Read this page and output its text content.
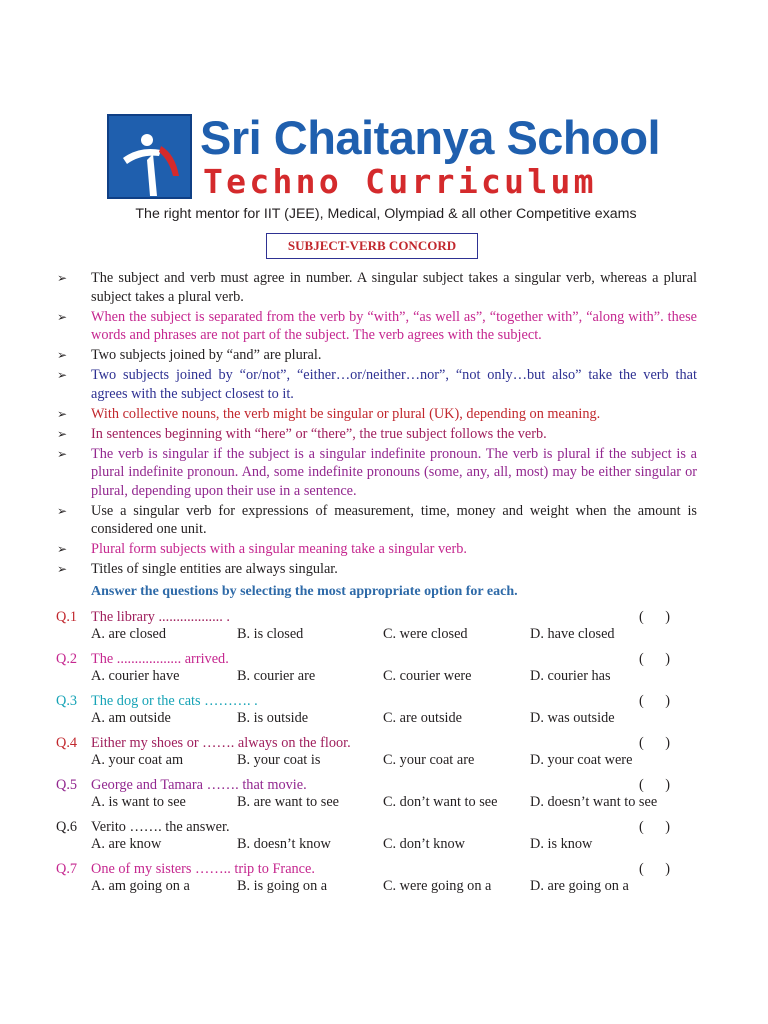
Sri Chaitanya School
Techno Curriculum
The right mentor for IIT (JEE), Medical, Olympiad & all other Competitive exams
SUBJECT-VERB CONCORD
➢ The subject and verb must agree in number. A singular subject takes a singular verb, whereas a plural subject takes a plural verb.
➢ When the subject is separated from the verb by “with”, “as well as”, “together with”, “along with”. these words and phrases are not part of the subject. The verb agrees with the subject.
➢ Two subjects joined by “and” are plural.
➢ Two subjects joined by “or/not”, “either…or/neither…nor”, “not only…but also” take the verb that agrees with the subject closest to it.
➢ With collective nouns, the verb might be singular or plural (UK), depending on meaning.
➢ In sentences beginning with “here” or “there”, the true subject follows the verb.
➢ The verb is singular if the subject is a singular indefinite pronoun. The verb is plural if the subject is a plural indefinite pronoun. And, some indefinite pronouns (some, any, all, most) may be either singular or plural, depending upon their use in a sentence.
➢ Use a singular verb for expressions of measurement, time, money and weight when the amount is considered one unit.
➢ Plural form subjects with a singular meaning take a singular verb.
➢ Titles of single entities are always singular.
Answer the questions by selecting the most appropriate option for each.
Q.1 The library .................. .	(      )
A. are closed	B. is closed	C. were closed	D. have closed
Q.2 The .................. arrived.	(      )
A. courier have	B. courier are	C. courier were	D. courier has
Q.3 The dog or the cats ………. .	(      )
A. am outside	B. is outside	C. are outside	D. was outside
Q.4 Either my shoes or ……. always on the floor.	(      )
A. your coat am	B. your coat is	C. your coat are	D. your coat were
Q.5 George and Tamara ……. that movie.	(      )
A. is want to see	B. are want to see	C. don’t want to see D. doesn’t want to see
Q.6 Verito ……. the answer.	(      )
A. are know	B. doesn’t know	C. don’t know	D. is know
Q.7 One of my sisters …….. trip to France.	(      )
A. am going on a	B. is going on a	C. were going on a	D. are going on a
